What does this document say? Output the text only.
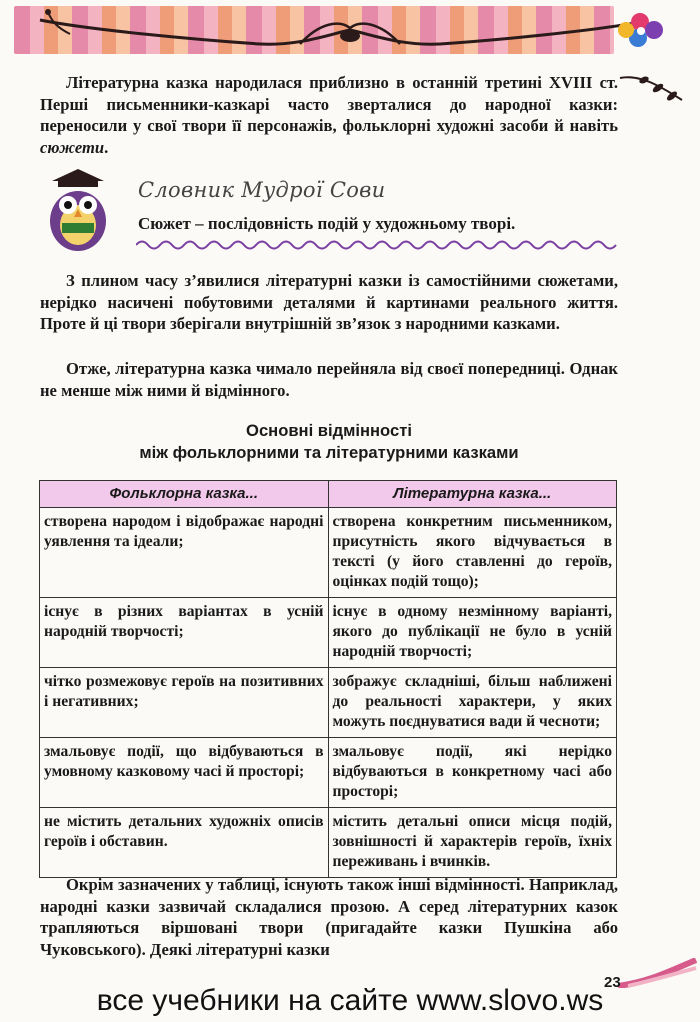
Літературна казка народилася приблизно в останній третині XVIII ст. Перші письменники-казкарі часто зверталися до народної казки: переносили у свої твори її персонажів, фольклорні художні засоби й навіть сюжети.

Словник Мудрої Сови

Сюжет – послідовність подій у художньому творі.

З плином часу з’явилися літературні казки із самостійними сюжетами, нерідко насичені побутовими деталями й картинами реального життя. Проте й ці твори зберігали внутрішній зв’язок з народними казками.

Отже, літературна казка чимало перейняла від своєї попередниці. Однак не менше між ними й відмінного.

Основні відмінності

між фольклорними та літературними казками

Фольклорна казка...	Літературна казка...
створена народом і відображає народні уявлення та ідеали;	створена конкретним письменником, присутність якого відчувається в тексті (у його ставленні до героїв, оцінках подій тощо);
існує в різних варіантах в усній народній творчості;	існує в одному незмінному варіанті, якого до публікації не було в усній народній творчості;
чітко розмежовує героїв на позитивних і негативних;	зображує складніші, більш наближені до реальності характери, у яких можуть поєднуватися вади й чесноти;
змальовує події, що відбуваються в умовному казковому часі й просторі;	змальовує події, які нерідко відбуваються в конкретному часі або просторі;
не містить детальних художніх описів героїв і обставин.	містить детальні описи місця подій, зовнішності й характерів героїв, їхніх переживань і вчинків.

Окрім зазначених у таблиці, існують також інші відмінності. Наприклад, народні казки зазвичай складалися прозою. А серед літературних казок трапляються віршовані твори (пригадайте казки Пушкіна або Чуковського). Деякі літературні казки

23
все учебники на сайте www.slovo.ws
